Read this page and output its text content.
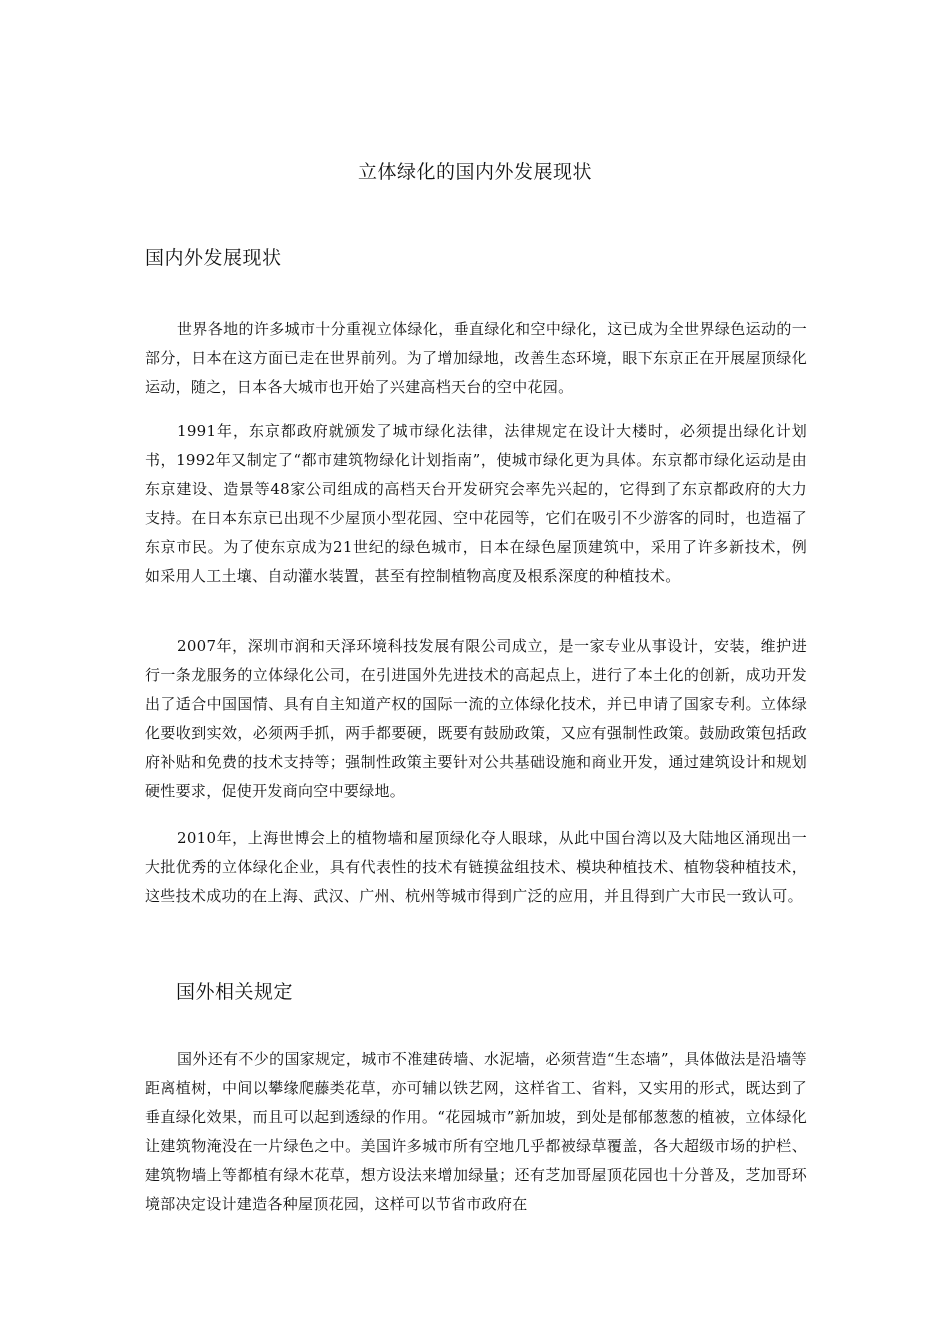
立体绿化的国内外发展现状
国内外发展现状

世界各地的许多城市十分重视立体绿化，垂直绿化和空中绿化，这已成为全世界绿色运动的一部分，日本在这方面已走在世界前列。为了增加绿地，改善生态环境，眼下东京正在开展屋顶绿化运动，随之，日本各大城市也开始了兴建高档天台的空中花园。

1991年，东京都政府就颁发了城市绿化法律，法律规定在设计大楼时，必须提出绿化计划书，1992年又制定了“都市建筑物绿化计划指南”，使城市绿化更为具体。东京都市绿化运动是由东京建设、造景等48家公司组成的高档天台开发研究会率先兴起的，它得到了东京都政府的大力支持。在日本东京已出现不少屋顶小型花园、空中花园等，它们在吸引不少游客的同时，也造福了东京市民。为了使东京成为21世纪的绿色城市，日本在绿色屋顶建筑中，采用了许多新技术，例如采用人工土壤、自动灌水装置，甚至有控制植物高度及根系深度的种植技术。

2007年，深圳市润和天泽环境科技发展有限公司成立，是一家专业从事设计，安装，维护进行一条龙服务的立体绿化公司，在引进国外先进技术的高起点上，进行了本土化的创新，成功开发出了适合中国国情、具有自主知道产权的国际一流的立体绿化技术，并已申请了国家专利。立体绿化要收到实效，必须两手抓，两手都要硬，既要有鼓励政策，又应有强制性政策。鼓励政策包括政府补贴和免费的技术支持等；强制性政策主要针对公共基础设施和商业开发，通过建筑设计和规划硬性要求，促使开发商向空中要绿地。

2010年，上海世博会上的植物墙和屋顶绿化夺人眼球，从此中国台湾以及大陆地区涌现出一大批优秀的立体绿化企业，具有代表性的技术有链摸盆组技术、模块种植技术、植物袋种植技术，这些技术成功的在上海、武汉、广州、杭州等城市得到广泛的应用，并且得到广大市民一致认可。

国外相关规定

国外还有不少的国家规定，城市不准建砖墙、水泥墙，必须营造“生态墙”，具体做法是沿墙等距离植树，中间以攀缘爬藤类花草，亦可辅以铁艺网，这样省工、省料，又实用的形式，既达到了垂直绿化效果，而且可以起到透绿的作用。“花园城市”新加坡，到处是郁郁葱葱的植被，立体绿化让建筑物淹没在一片绿色之中。美国许多城市所有空地几乎都被绿草覆盖，各大超级市场的护栏、建筑物墙上等都植有绿木花草，想方设法来增加绿量；还有芝加哥屋顶花园也十分普及，芝加哥环境部决定设计建造各种屋顶花园，这样可以节省市政府在
